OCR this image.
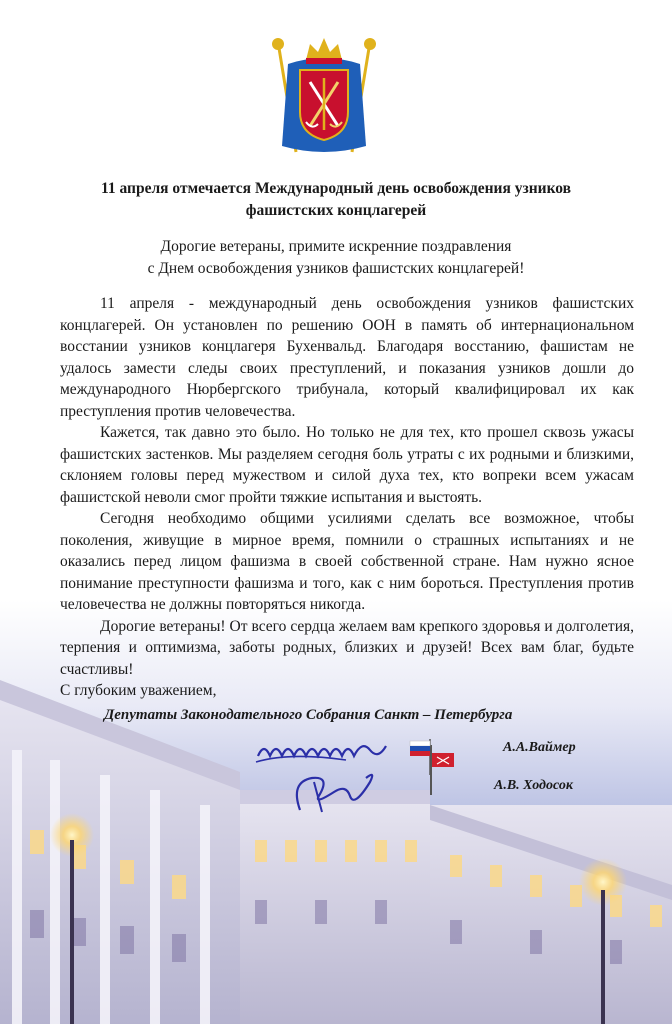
11 апреля отмечается Международный день освобождения узников
фашистских концлагерей
Дорогие ветераны, примите искренние поздравления
с Днем освобождения узников фашистских концлагерей!

11 апреля - международный день освобождения узников фашистских концлагерей. Он установлен по решению ООН в память об интернациональном восстании узников концлагеря Бухенвальд. Благодаря восстанию, фашистам не удалось замести следы своих преступлений, и показания узников дошли до международного Нюрбергского трибунала, который квалифицировал их как преступления против человечества.

Кажется, так давно это было. Но только не для тех, кто прошел сквозь ужасы фашистских застенков. Мы разделяем сегодня боль утраты с их родными и близкими, склоняем головы перед мужеством и силой духа тех, кто вопреки всем ужасам фашистской неволи смог пройти тяжкие испытания и выстоять.

Сегодня необходимо общими усилиями сделать все возможное, чтобы поколения, живущие в мирное время, помнили о страшных испытаниях и не оказались перед лицом фашизма в своей собственной стране. Нам нужно ясное понимание преступности фашизма и того, как с ним бороться. Преступления против человечества не должны повторяться никогда.

Дорогие ветераны! От всего сердца желаем вам крепкого здоровья и долголетия, терпения и оптимизма, заботы родных, близких и друзей! Всех вам благ, будьте счастливы!

С глубоким уважением,

Депутаты Законодательного Собрания Санкт – Петербурга
А.А.Ваймер
А.В. Ходосок
